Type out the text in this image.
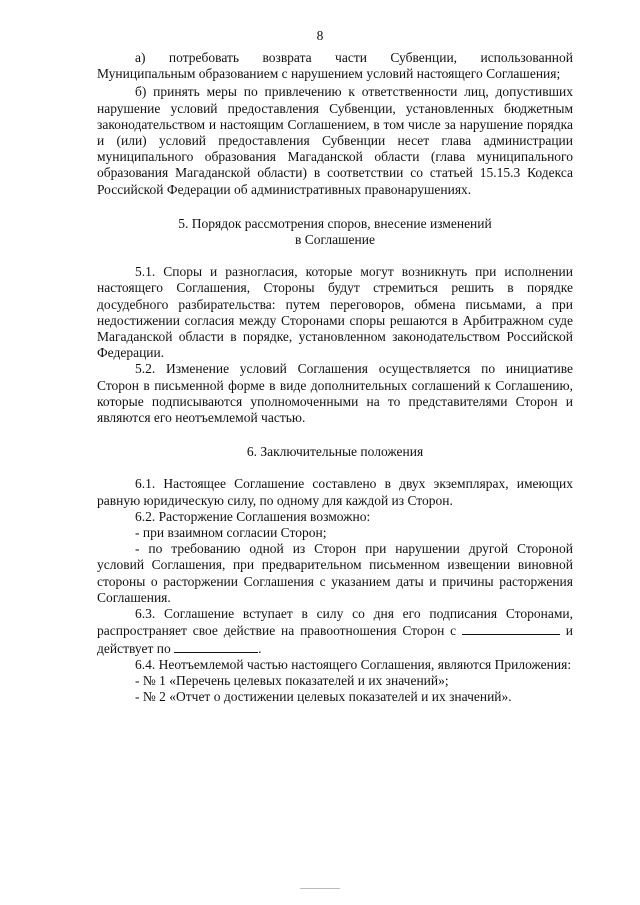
8

а) потребовать возврата части Субвенции, использованной Муниципальным образованием с нарушением условий настоящего Соглашения;

б) принять меры по привлечению к ответственности лиц, допустивших нарушение условий предоставления Субвенции, установленных бюджетным законодательством и настоящим Соглашением, в том числе за нарушение порядка и (или) условий предоставления Субвенции несет глава администрации муниципального образования Магаданской области (глава муниципального образования Магаданской области) в соответствии со статьей 15.15.3 Кодекса Российской Федерации об административных правонарушениях.

5. Порядок рассмотрения споров, внесение изменений
в Соглашение

5.1. Споры и разногласия, которые могут возникнуть при исполнении настоящего Соглашения, Стороны будут стремиться решить в порядке досудебного разбирательства: путем переговоров, обмена письмами, а при недостижении согласия между Сторонами споры решаются в Арбитражном суде Магаданской области в порядке, установленном законодательством Российской Федерации.

5.2. Изменение условий Соглашения осуществляется по инициативе Сторон в письменной форме в виде дополнительных соглашений к Соглашению, которые подписываются уполномоченными на то представителями Сторон и являются его неотъемлемой частью.

6. Заключительные положения

6.1. Настоящее Соглашение составлено в двух экземплярах, имеющих равную юридическую силу, по одному для каждой из Сторон.

6.2. Расторжение Соглашения возможно:

- при взаимном согласии Сторон;

- по требованию одной из Сторон при нарушении другой Стороной условий Соглашения, при предварительном письменном извещении виновной стороны о расторжении Соглашения с указанием даты и причины расторжения Соглашения.

6.3. Соглашение вступает в силу со дня его подписания Сторонами, распространяет свое действие на правоотношения Сторон с	и действует по	.

6.4. Неотъемлемой частью настоящего Соглашения, являются Приложения:

- № 1 «Перечень целевых показателей и их значений»;

- № 2 «Отчет о достижении целевых показателей и их значений».
